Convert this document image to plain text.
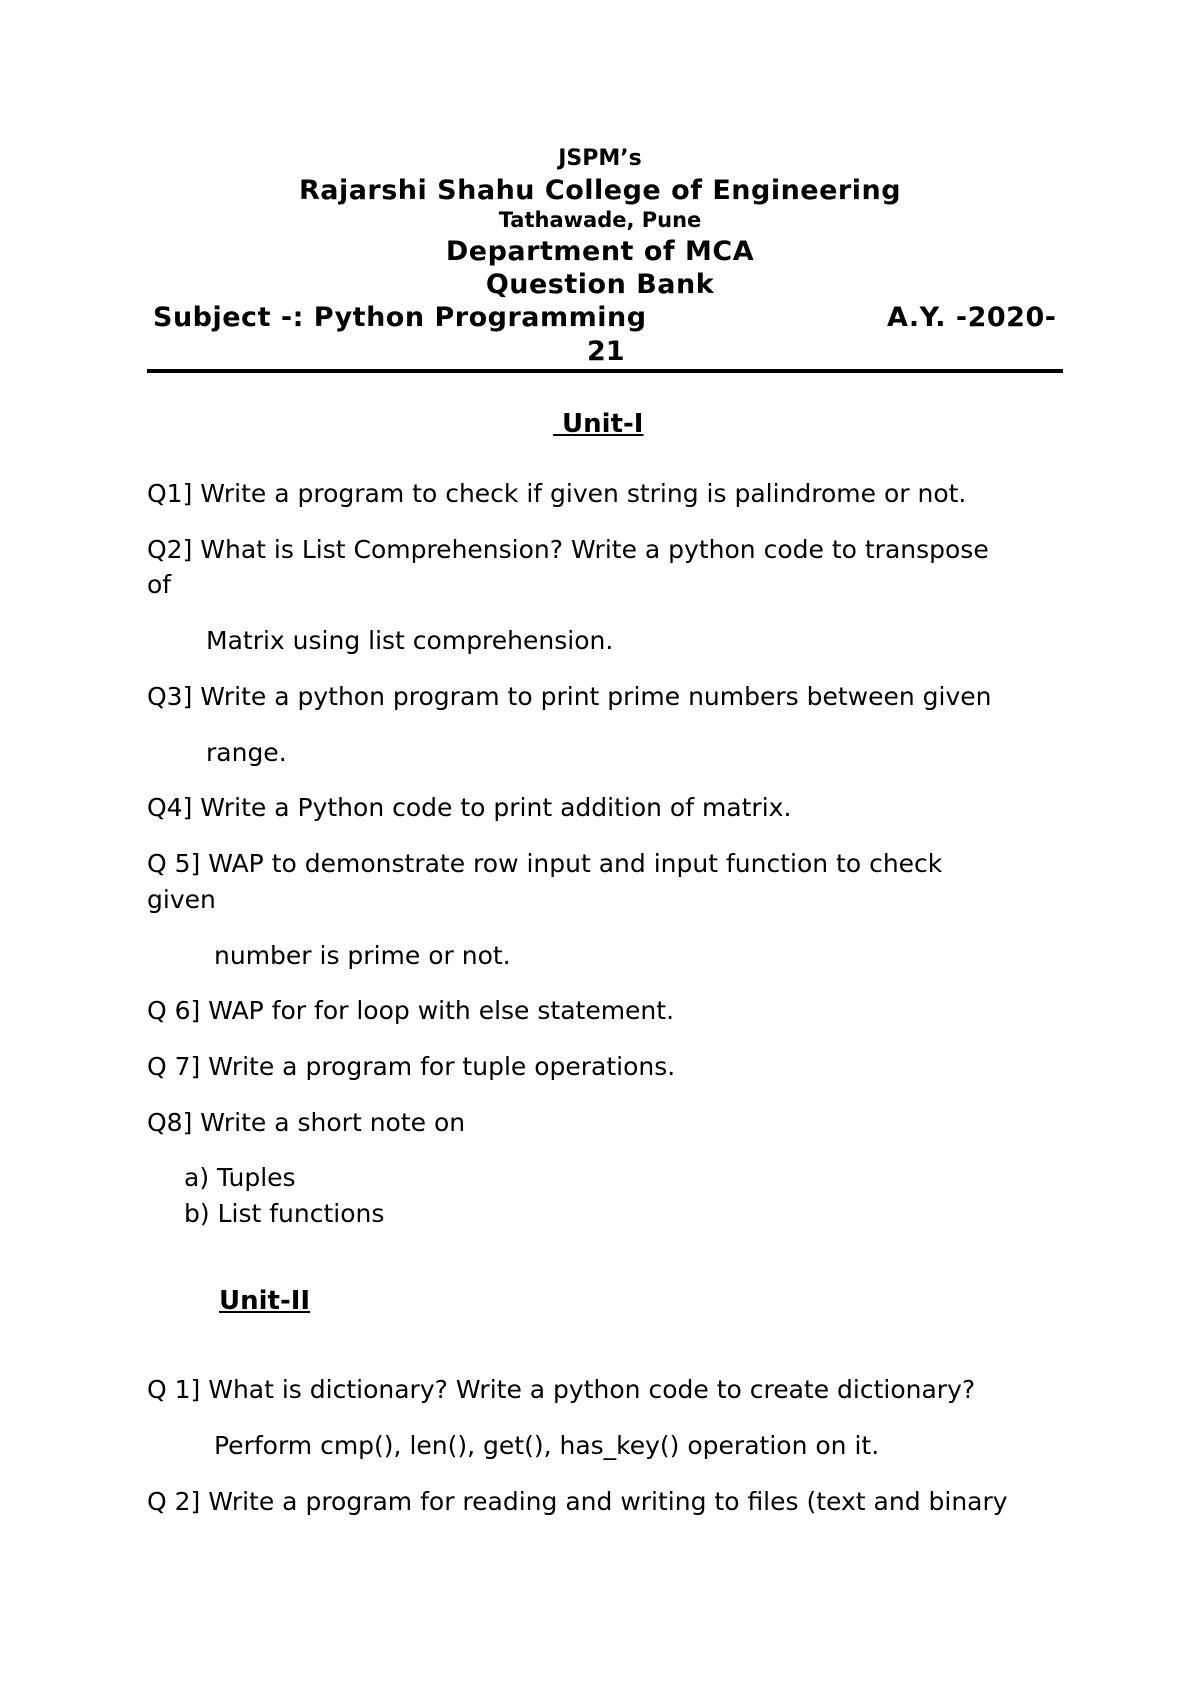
JSPM’s
Rajarshi Shahu College of Engineering
Tathawade, Pune
Department of MCA
Question Bank
Subject -: Python Programming	A.Y. -2020-
21
Unit-I
Q1] Write a program to check if given string is palindrome or not.
Q2] What is List Comprehension? Write a python code to transpose
of
Matrix using list comprehension.
Q3] Write a python program to print prime numbers between given
range.
Q4] Write a Python code to print addition of matrix.
Q 5] WAP to demonstrate row input and input function to check
given
number is prime or not.
Q 6] WAP for for loop with else statement.
Q 7] Write a program for tuple operations.
Q8] Write a short note on
a) Tuples
b) List functions
Unit-II
Q 1] What is dictionary? Write a python code to create dictionary?
Perform cmp(), len(), get(), has_key() operation on it.
Q 2] Write a program for reading and writing to files (text and binary
